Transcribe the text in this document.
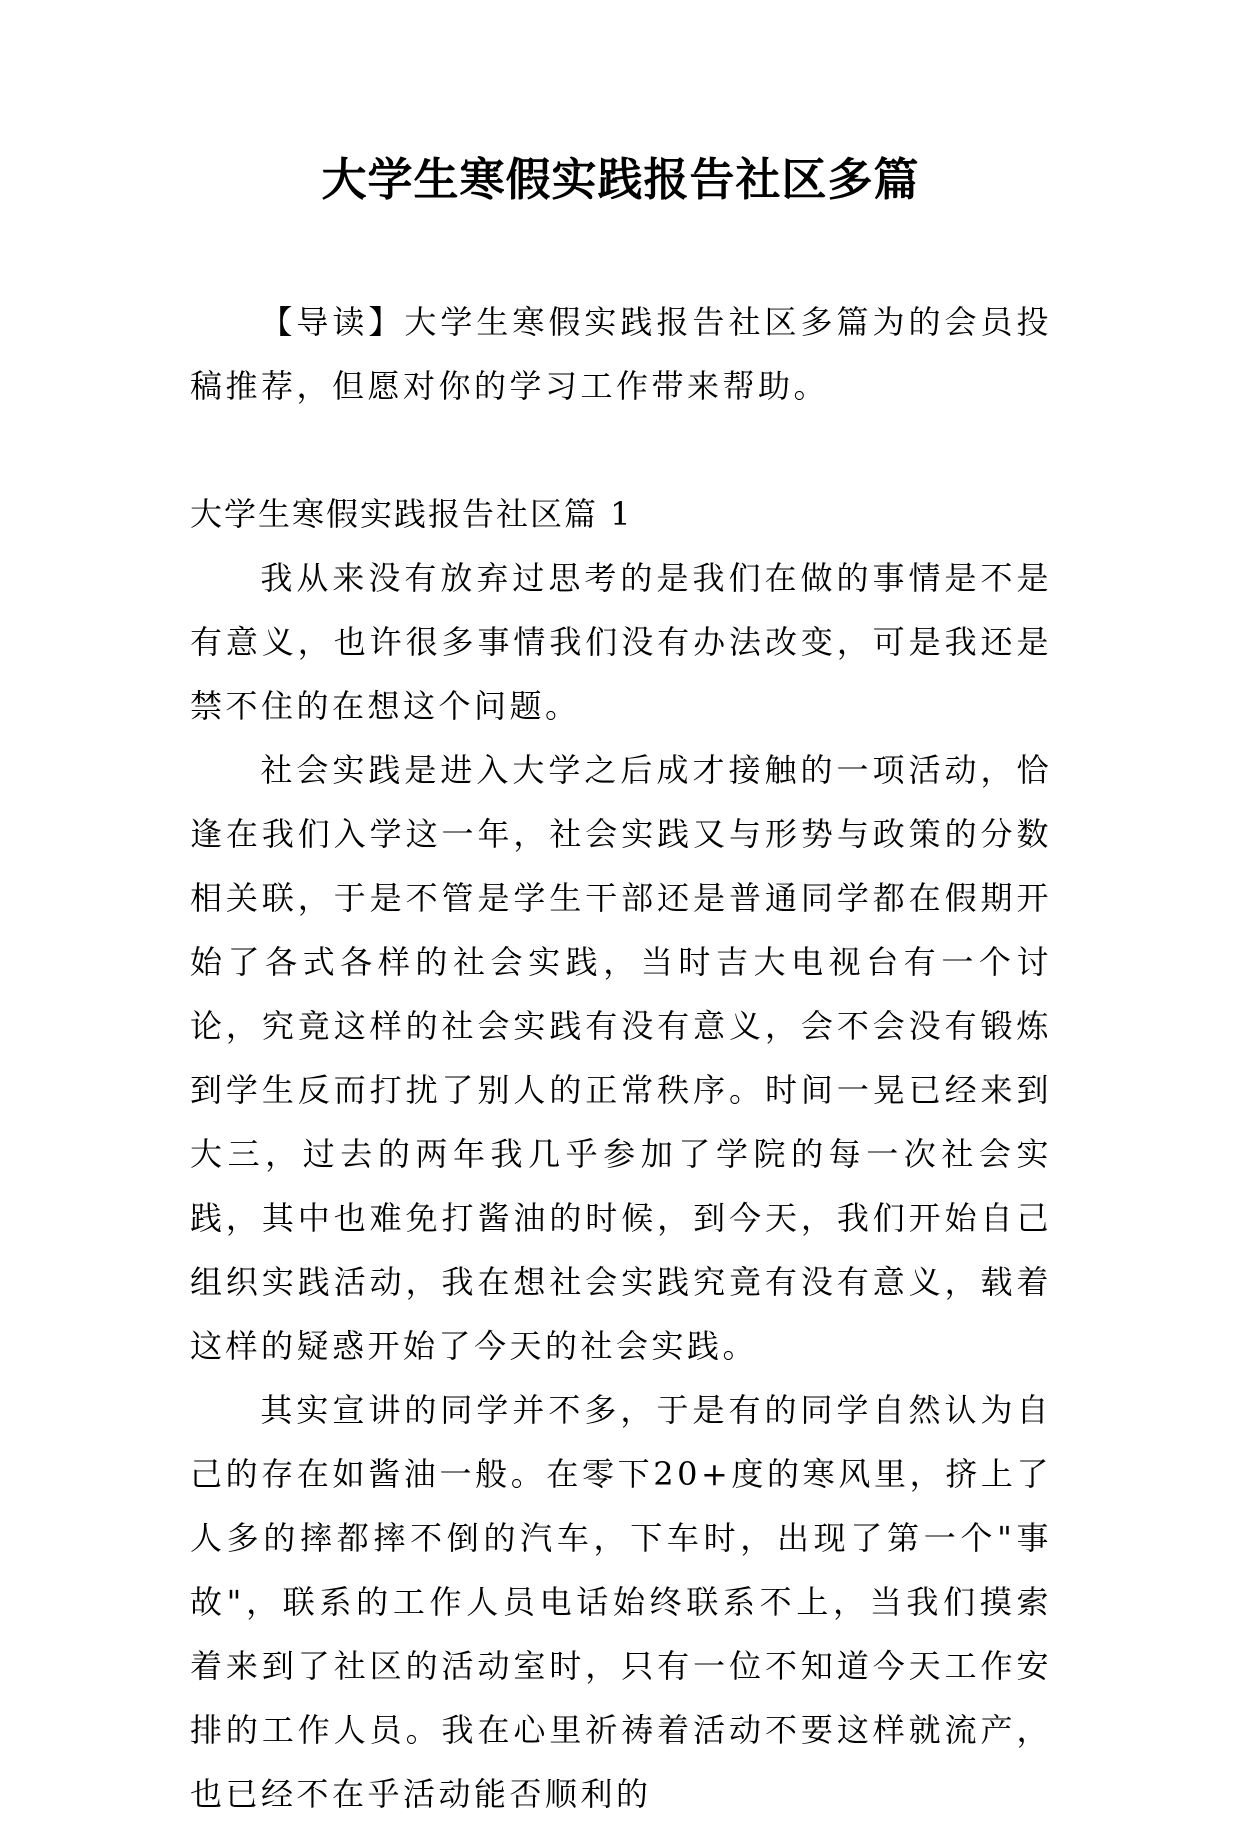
大学生寒假实践报告社区多篇

【导读】大学生寒假实践报告社区多篇为的会员投稿推荐，但愿对你的学习工作带来帮助。

大学生寒假实践报告社区篇 1

我从来没有放弃过思考的是我们在做的事情是不是有意义，也许很多事情我们没有办法改变，可是我还是禁不住的在想这个问题。

社会实践是进入大学之后成才接触的一项活动，恰逢在我们入学这一年，社会实践又与形势与政策的分数相关联，于是不管是学生干部还是普通同学都在假期开始了各式各样的社会实践，当时吉大电视台有一个讨论，究竟这样的社会实践有没有意义，会不会没有锻炼到学生反而打扰了别人的正常秩序。时间一晃已经来到大三，过去的两年我几乎参加了学院的每一次社会实践，其中也难免打酱油的时候，到今天，我们开始自己组织实践活动，我在想社会实践究竟有没有意义，载着这样的疑惑开始了今天的社会实践。

其实宣讲的同学并不多，于是有的同学自然认为自己的存在如酱油一般。在零下20+度的寒风里，挤上了人多的摔都摔不倒的汽车，下车时，出现了第一个"事故"，联系的工作人员电话始终联系不上，当我们摸索着来到了社区的活动室时，只有一位不知道今天工作安排的工作人员。我在心里祈祷着活动不要这样就流产，也已经不在乎活动能否顺利的
